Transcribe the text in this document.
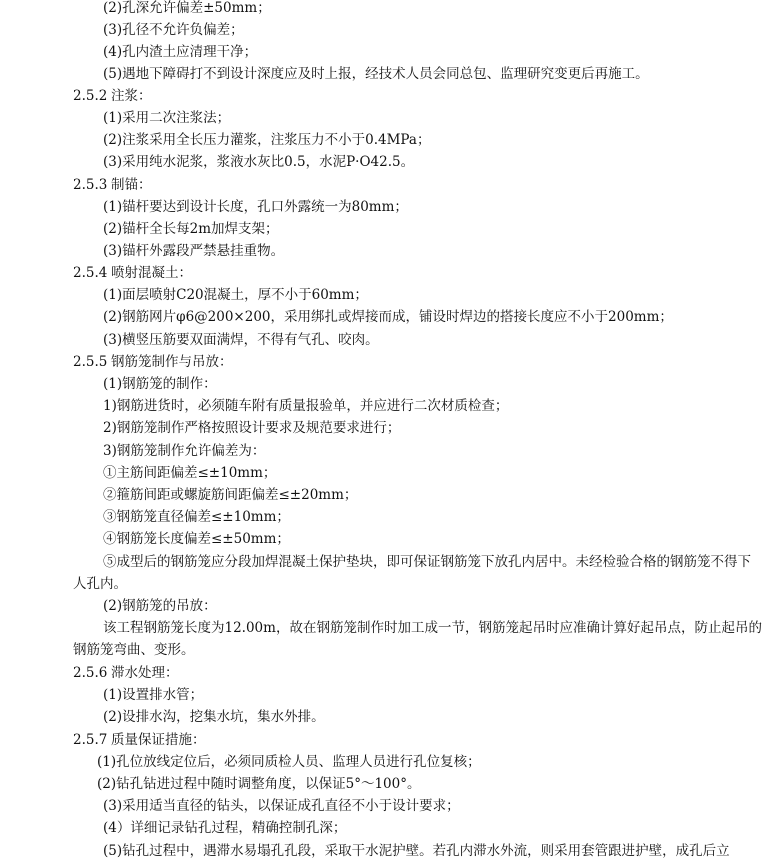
(2)孔深允许偏差±50mm；
(3)孔径不允许负偏差；
(4)孔内渣土应清理干净；
(5)遇地下障碍打不到设计深度应及时上报，经技术人员会同总包、监理研究变更后再施工。
2.5.2 注浆：
(1)采用二次注浆法；
(2)注浆采用全长压力灌浆，注浆压力不小于0.4MPa；
(3)采用纯水泥浆，浆液水灰比0.5，水泥P·O42.5。
2.5.3 制锚：
(1)锚杆要达到设计长度，孔口外露统一为80mm；
(2)锚杆全长每2m加焊支架；
(3)锚杆外露段严禁悬挂重物。
2.5.4 喷射混凝土：
(1)面层喷射C20混凝土，厚不小于60mm；
(2)钢筋网片φ6@200×200，采用绑扎或焊接而成，铺设时焊边的搭接长度应不小于200mm；
(3)横竖压筋要双面满焊，不得有气孔、咬肉。
2.5.5 钢筋笼制作与吊放：
(1)钢筋笼的制作：
1)钢筋进货时，必须随车附有质量报验单，并应进行二次材质检查；
2)钢筋笼制作严格按照设计要求及规范要求进行；
3)钢筋笼制作允许偏差为：
①主筋间距偏差≤±10mm；
②箍筋间距或螺旋筋间距偏差≤±20mm；
③钢筋笼直径偏差≤±10mm；
④钢筋笼长度偏差≤±50mm；
⑤成型后的钢筋笼应分段加焊混凝土保护垫块，即可保证钢筋笼下放孔内居中。未经检验合格的钢筋笼不得下人孔内。
(2)钢筋笼的吊放：
该工程钢筋笼长度为12.00m，故在钢筋笼制作时加工成一节，钢筋笼起吊时应准确计算好起吊点，防止起吊的钢筋笼弯曲、变形。
2.5.6 滞水处理：
(1)设置排水管；
(2)设排水沟，挖集水坑，集水外排。
2.5.7 质量保证措施：
(1)孔位放线定位后，必须同质检人员、监理人员进行孔位复核；
(2)钻孔钻进过程中随时调整角度，以保证5°～100°。
(3)采用适当直径的钻头，以保证成孔直径不小于设计要求；
(4）详细记录钻孔过程，精确控制孔深；
(5)钻孔过程中，遇滞水易塌孔孔段，采取干水泥护壁。若孔内滞水外流，则采用套管跟进护壁，成孔后立
